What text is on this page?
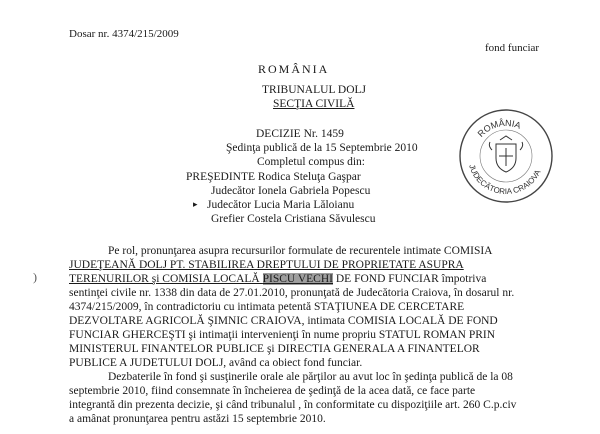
Dosar nr. 4374/215/2009
fond funciar
ROMÂNIA
TRIBUNALUL DOLJ
SECŢIA CIVILĂ
DECIZIE Nr. 1459
Şedinţa publică de la 15 Septembrie 2010
Completul compus din:
PREŞEDINTE Rodica Steluţa Gaşpar
Judecător Ionela Gabriela Popescu
▸ Judecător Lucia Maria Lăloianu
Grefier Costela Cristiana Săvulescu
ROMÂNIA
JUDECĂTORIA CRAIOVA
)
Pe rol, pronunţarea asupra recursurilor formulate de recurentele intimate COMISIA
JUDEŢEANĂ DOLJ PT. STABILIREA DREPTULUI DE PROPRIETATE ASUPRA
TERENURILOR şi COMISIA LOCALĂ PISCU VECHI DE FOND FUNCIAR împotriva
sentinţei civile nr. 1338 din data de 27.01.2010, pronunţată de Judecătoria Craiova, în dosarul nr.
4374/215/2009, în contradictoriu cu intimata petentă STAŢIUNEA DE CERCETARE
DEZVOLTARE AGRICOLĂ ŞIMNIC CRAIOVA, intimata COMISIA LOCALĂ DE FOND
FUNCIAR GHERCEŞTI şi intimaţii intervenienţi în nume propriu STATUL ROMAN PRIN
MINISTERUL FINANTELOR PUBLICE şi DIRECTIA GENERALA A FINANTELOR
PUBLICE A JUDETULUI DOLJ, având ca obiect fond funciar.
Dezbaterile în fond şi susţinerile orale ale părţilor au avut loc în şedinţa publică de la 08
septembrie 2010, fiind consemnate în încheierea de şedinţă de la acea dată, ce face parte
integrantă din prezenta decizie, şi când tribunalul , în conformitate cu dispoziţiile art. 260 C.p.civ
a amânat pronunţarea pentru astăzi 15 septembrie 2010.
